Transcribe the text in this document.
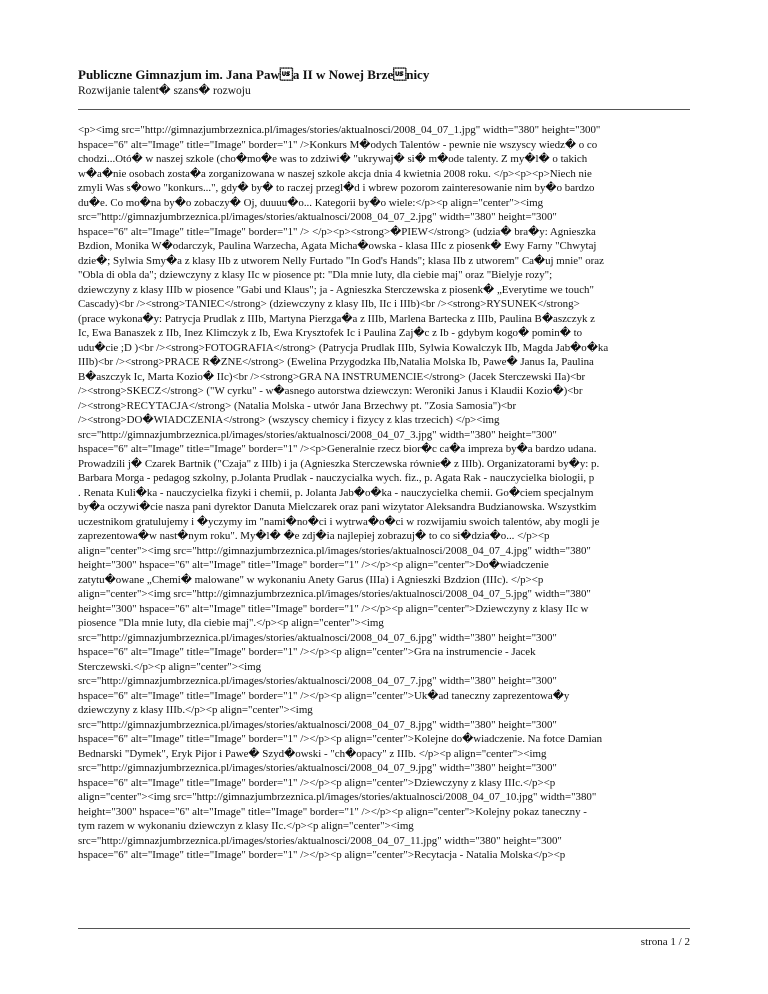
Publiczne Gimnazjum im. Jana Pawa II w Nowej Brzenicy

Rozwijanie talent� szans� rozwoju

<p><img src="http://gimnazjumbrzeznica.pl/images/stories/aktualnosci/2008_04_07_1.jpg" width="380" height="300"

hspace="6" alt="Image" title="Image" border="1" />Konkurs M�odych Talentów - pewnie nie wszyscy wiedz� o co

chodzi...Otó� w naszej szkole (cho�mo�e was to zdziwi� "ukrywaj� si� m�ode talenty. Z my�l� o takich

w�a�nie osobach zosta�a zorganizowana w naszej szkole akcja dnia 4 kwietnia 2008 roku. </p><p><p>Niech nie

zmyli Was s�owo "konkurs...", gdy� by� to raczej przegl�d i wbrew pozorom zainteresowanie nim by�o bardzo

du�e. Co mo�na by�o zobaczy� Oj, duuuu�o... Kategorii by�o wiele:</p><p align="center"><img

src="http://gimnazjumbrzeznica.pl/images/stories/aktualnosci/2008_04_07_2.jpg" width="380" height="300"

hspace="6" alt="Image" title="Image" border="1" /> </p><p><strong>�PIEW</strong> (udzia� bra�y: Agnieszka

Bzdion, Monika W�odarczyk, Paulina Warzecha, Agata Micha�owska - klasa IIIc z piosenk� Ewy Farny "Chwytaj

dzie�; Sylwia Smy�a z klasy IIb z utworem Nelly Furtado "In God's Hands"; klasa IIb z utworem" Ca�uj mnie" oraz

"Obla di obla da"; dziewczyny z klasy IIc w piosence pt: "Dla mnie luty, dla ciebie maj" oraz "Bielyje rozy";

dziewczyny z klasy IIIb w piosence "Gabi und Klaus"; ja - Agnieszka Sterczewska z piosenk� „Everytime we touch"

Cascady)<br /><strong>TANIEC</strong> (dziewczyny z klasy IIb, IIc i IIIb)<br /><strong>RYSUNEK</strong>

(prace wykona�y: Patrycja Prudlak z IIIb, Martyna Pierzga�a z IIIb, Marlena Bartecka z IIIb, Paulina B�aszczyk z

Ic, Ewa Banaszek z IIb, Inez Klimczyk z Ib, Ewa Krysztofek Ic i Paulina Zaj�c z Ib - gdybym kogo� pomin� to

udu�cie ;D )<br /><strong>FOTOGRAFIA</strong> (Patrycja Prudlak IIIb, Sylwia Kowalczyk IIb, Magda Jab�o�ka

IIIb)<br /><strong>PRACE R�ZNE</strong> (Ewelina Przygodzka IIb,Natalia Molska Ib, Pawe� Janus Ia, Paulina

B�aszczyk Ic, Marta Kozio� IIc)<br /><strong>GRA NA INSTRUMENCIE</strong> (Jacek Sterczewski IIa)<br

/><strong>SKECZ</strong> ("W cyrku" - w�asnego autorstwa dziewczyn: Weroniki Janus i Klaudii Kozio�)<br

/><strong>RECYTACJA</strong> (Natalia Molska - utwór Jana Brzechwy pt. "Zosia Samosia")<br

/><strong>DO�WIADCZENIA</strong> (wszyscy chemicy i fizycy z klas trzecich) </p><img

src="http://gimnazjumbrzeznica.pl/images/stories/aktualnosci/2008_04_07_3.jpg" width="380" height="300"

hspace="6" alt="Image" title="Image" border="1" /><p>Generalnie rzecz bior�c ca�a impreza by�a bardzo udana.

Prowadzili j� Czarek Bartnik ("Czaja" z IIIb) i ja (Agnieszka Sterczewska równie� z IIIb). Organizatorami by�y: p.

Barbara Morga - pedagog szkolny, p.Jolanta Prudlak - nauczycialka wych. fiz., p. Agata Rak - nauczycielka biologii, p

. Renata Kuli�ka - nauczycielka fizyki i chemii, p. Jolanta Jab�o�ka - nauczycielka chemii. Go�ciem specjalnym

by�a oczywi�cie nasza pani dyrektor Danuta Mielczarek oraz pani wizytator Aleksandra Budzianowska. Wszystkim

uczestnikom gratulujemy i �yczymy im "nami�no�ci i wytrwa�o�ci w rozwijamiu swoich talentów, aby mogli je

zaprezentowa�w nast�nym roku". My�l� �e zdj�ia najlepiej zobrazuj� to co si�dzia�o... </p><p

align="center"><img src="http://gimnazjumbrzeznica.pl/images/stories/aktualnosci/2008_04_07_4.jpg" width="380"

height="300" hspace="6" alt="Image" title="Image" border="1" /></p><p align="center">Do�wiadczenie

zatytu�owane „Chemi� malowane" w wykonaniu Anety Garus (IIIa) i Agnieszki Bzdzion (IIIc). </p><p

align="center"><img src="http://gimnazjumbrzeznica.pl/images/stories/aktualnosci/2008_04_07_5.jpg" width="380"

height="300" hspace="6" alt="Image" title="Image" border="1" /></p><p align="center">Dziewczyny z klasy IIc w

piosence "Dla mnie luty, dla ciebie maj".</p><p align="center"><img

src="http://gimnazjumbrzeznica.pl/images/stories/aktualnosci/2008_04_07_6.jpg" width="380" height="300"

hspace="6" alt="Image" title="Image" border="1" /></p><p align="center">Gra na instrumencie - Jacek

Sterczewski.</p><p align="center"><img

src="http://gimnazjumbrzeznica.pl/images/stories/aktualnosci/2008_04_07_7.jpg" width="380" height="300"

hspace="6" alt="Image" title="Image" border="1" /></p><p align="center">Uk�ad taneczny zaprezentowa�y

dziewczyny z klasy IIIb.</p><p align="center"><img

src="http://gimnazjumbrzeznica.pl/images/stories/aktualnosci/2008_04_07_8.jpg" width="380" height="300"

hspace="6" alt="Image" title="Image" border="1" /></p><p align="center">Kolejne do�wiadczenie. Na fotce Damian

Bednarski "Dymek", Eryk Pijor i Pawe� Szyd�owski - "ch�opacy" z IIIb. </p><p align="center"><img

src="http://gimnazjumbrzeznica.pl/images/stories/aktualnosci/2008_04_07_9.jpg" width="380" height="300"

hspace="6" alt="Image" title="Image" border="1" /></p><p align="center">Dziewczyny z klasy IIIc.</p><p

align="center"><img src="http://gimnazjumbrzeznica.pl/images/stories/aktualnosci/2008_04_07_10.jpg" width="380"

height="300" hspace="6" alt="Image" title="Image" border="1" /></p><p align="center">Kolejny pokaz taneczny -

tym razem w wykonaniu dziewczyn z klasy IIc.</p><p align="center"><img

src="http://gimnazjumbrzeznica.pl/images/stories/aktualnosci/2008_04_07_11.jpg" width="380" height="300"

hspace="6" alt="Image" title="Image" border="1" /></p><p align="center">Recytacja - Natalia Molska</p><p

strona 1 / 2
